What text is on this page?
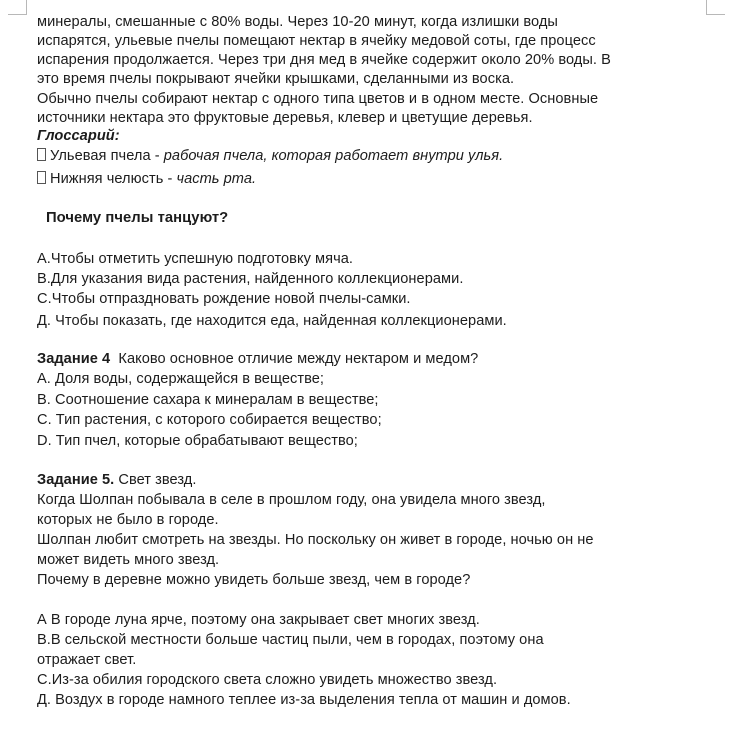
минералы, смешанные с 80% воды. Через 10-20 минут, когда излишки воды
испарятся, ульевые пчелы помещают нектар в ячейку медовой соты, где процесс
испарения продолжается. Через три дня мед в ячейке содержит около 20% воды. В
это время пчелы покрывают ячейки крышками, сделанными из воска.
Обычно пчелы собирают нектар с одного типа цветов и в одном месте. Основные
источники нектара это фруктовые деревья, клевер и цветущие деревья.
Глоссарий:
Ульевая пчела - рабочая пчела, которая работает внутри улья.
Нижняя челюсть - часть рта.
Почему пчелы танцуют?
А.Чтобы отметить успешную подготовку мяча.
В.Для указания вида растения, найденного коллекционерами.
С.Чтобы отпраздновать рождение новой пчелы-самки.
Д. Чтобы показать, где находится еда, найденная коллекционерами.
Задание 4 Каково основное отличие между нектаром и медом?
A. Доля воды, содержащейся в веществе;
B. Соотношение сахара к минералам в веществе;
C. Тип растения, с которого собирается вещество;
D. Тип пчел, которые обрабатывают вещество;
Задание 5. Свет звезд.
Когда Шолпан побывала в селе в прошлом году, она увидела много звезд,
которых не было в городе.
Шолпан любит смотреть на звезды. Но поскольку он живет в городе, ночью он не
может видеть много звезд.
Почему в деревне можно увидеть больше звезд, чем в городе?
А В городе луна ярче, поэтому она закрывает свет многих звезд.
В.В сельской местности больше частиц пыли, чем в городах, поэтому она
отражает свет.
С.Из-за обилия городского света сложно увидеть множество звезд.
Д. Воздух в городе намного теплее из-за выделения тепла от машин и домов.
